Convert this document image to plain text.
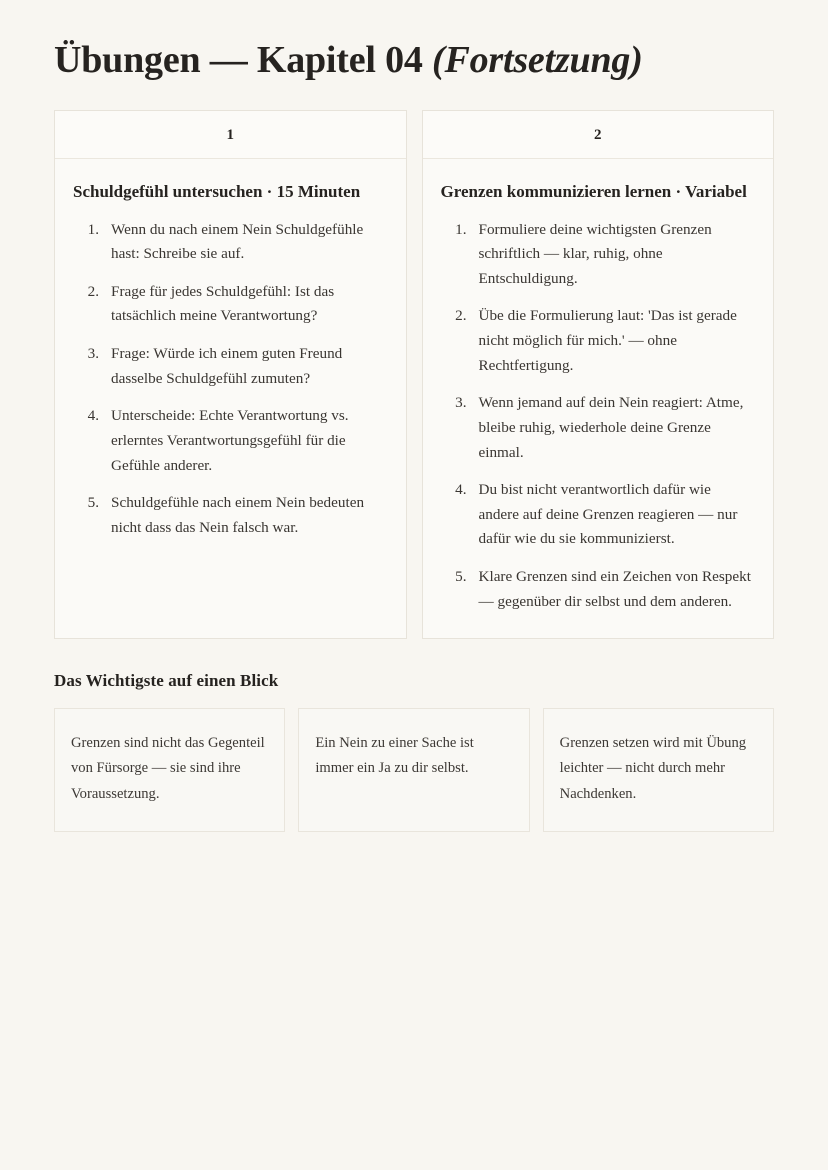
Übungen — Kapitel 04 (Fortsetzung)
1
Schuldgefühl untersuchen · 15 Minuten
Wenn du nach einem Nein Schuldgefühle hast: Schreibe sie auf.
Frage für jedes Schuldgefühl: Ist das tatsächlich meine Verantwortung?
Frage: Würde ich einem guten Freund dasselbe Schuldgefühl zumuten?
Unterscheide: Echte Verantwortung vs. erlerntes Verantwortungsgefühl für die Gefühle anderer.
Schuldgefühle nach einem Nein bedeuten nicht dass das Nein falsch war.
2
Grenzen kommunizieren lernen · Variabel
Formuliere deine wichtigsten Grenzen schriftlich — klar, ruhig, ohne Entschuldigung.
Übe die Formulierung laut: 'Das ist gerade nicht möglich für mich.' — ohne Rechtfertigung.
Wenn jemand auf dein Nein reagiert: Atme, bleibe ruhig, wiederhole deine Grenze einmal.
Du bist nicht verantwortlich dafür wie andere auf deine Grenzen reagieren — nur dafür wie du sie kommunizierst.
Klare Grenzen sind ein Zeichen von Respekt — gegenüber dir selbst und dem anderen.
Das Wichtigste auf einen Blick
Grenzen sind nicht das Gegenteil von Fürsorge — sie sind ihre Voraussetzung.
Ein Nein zu einer Sache ist immer ein Ja zu dir selbst.
Grenzen setzen wird mit Übung leichter — nicht durch mehr Nachdenken.
